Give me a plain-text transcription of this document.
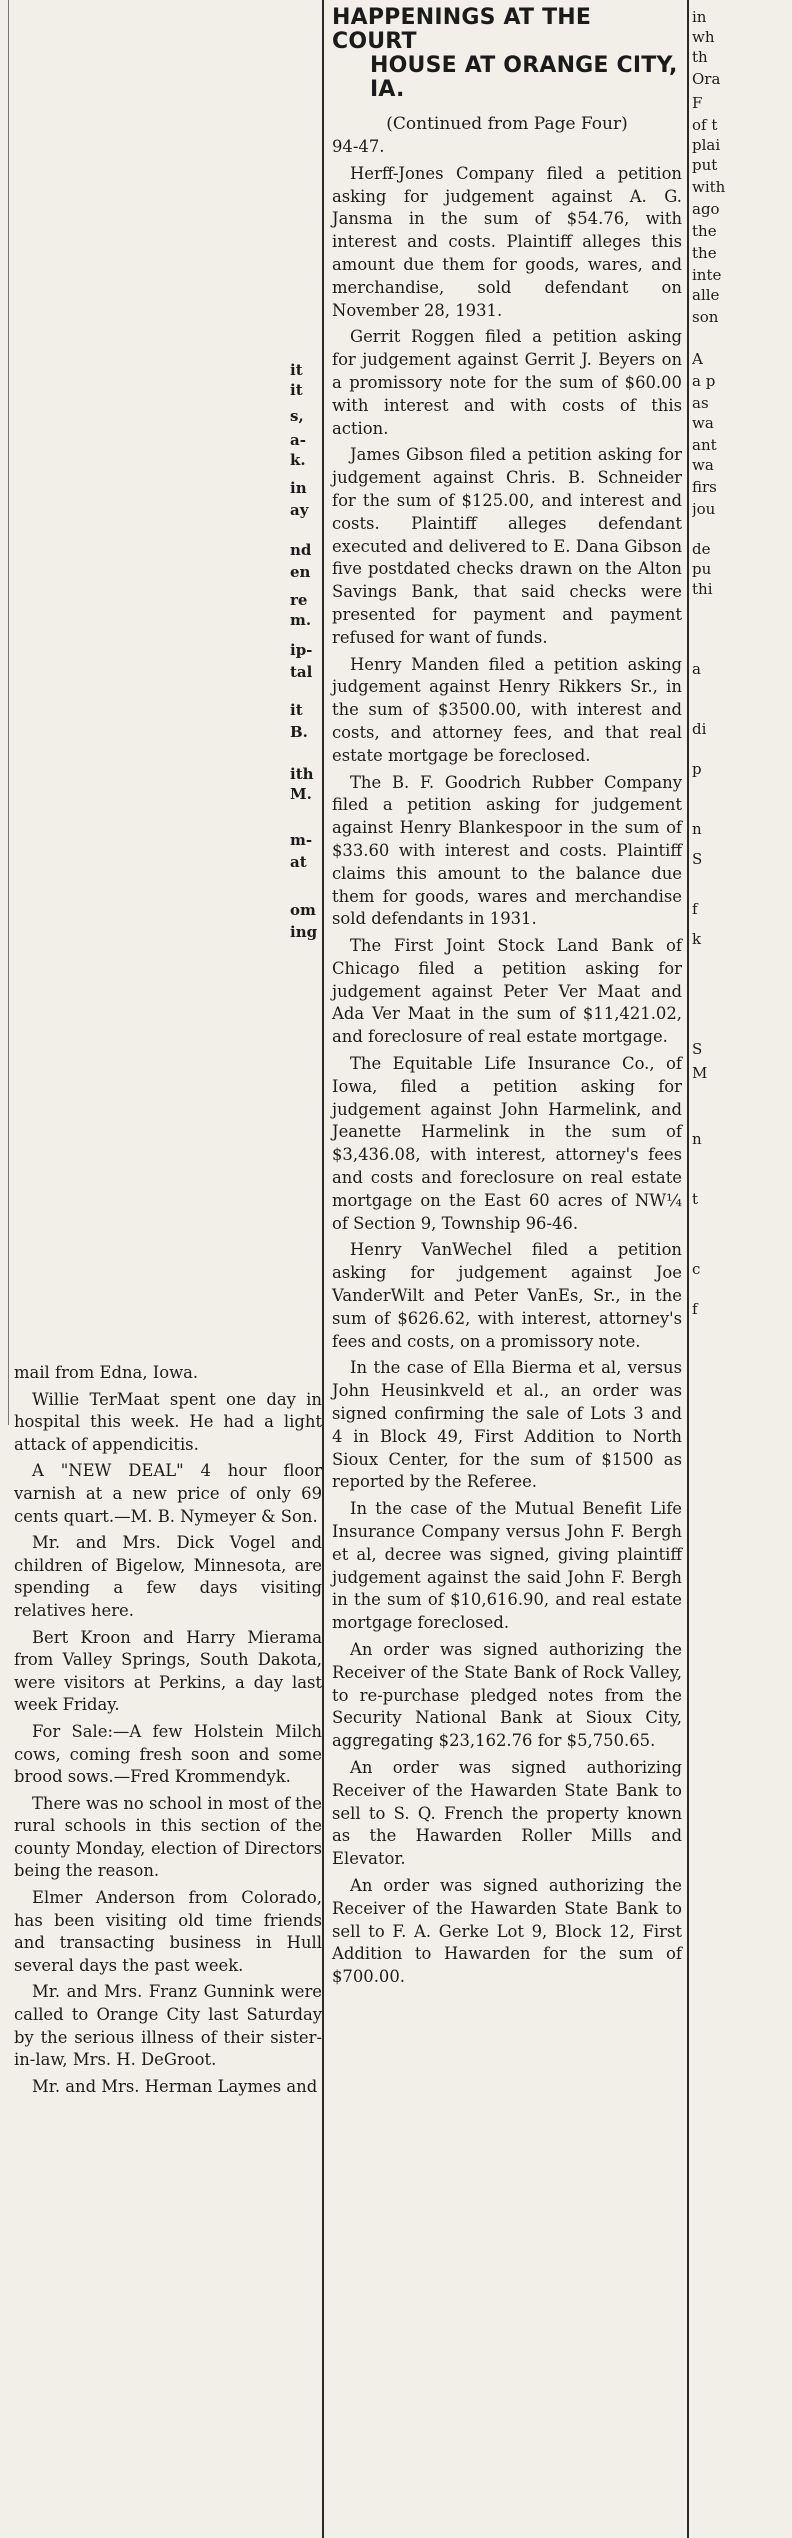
it
it
s,
a-
k.
in
ay
nd
en
re
m.
ip-
tal
it
B.
ith
M.
m-
at
om
ing
HAPPENINGS AT THE COURT
HOUSE AT ORANGE CITY, IA.
(Continued from Page Four)

94-47.

Herff-Jones Company filed a petition asking for judgement against A. G. Jansma in the sum of $54.76, with interest and costs. Plaintiff alleges this amount due them for goods, wares, and merchandise, sold defendant on November 28, 1931.

Gerrit Roggen filed a petition asking for judgement against Gerrit J. Beyers on a promissory note for the sum of $60.00 with interest and with costs of this action.

James Gibson filed a petition asking for judgement against Chris. B. Schneider for the sum of $125.00, and interest and costs. Plaintiff alleges defendant executed and delivered to E. Dana Gibson five postdated checks drawn on the Alton Savings Bank, that said checks were presented for payment and payment refused for want of funds.

Henry Manden filed a petition asking judgement against Henry Rikkers Sr., in the sum of $3500.00, with interest and costs, and attorney fees, and that real estate mortgage be foreclosed.

The B. F. Goodrich Rubber Company filed a petition asking for judgement against Henry Blankespoor in the sum of $33.60 with interest and costs. Plaintiff claims this amount to the balance due them for goods, wares and merchandise sold defendants in 1931.

The First Joint Stock Land Bank of Chicago filed a petition asking for judgement against Peter Ver Maat and Ada Ver Maat in the sum of $11,421.02, and foreclosure of real estate mortgage.

The Equitable Life Insurance Co., of Iowa, filed a petition asking for judgement against John Harmelink, and Jeanette Harmelink in the sum of $3,436.08, with interest, attorney's fees and costs and foreclosure on real estate mortgage on the East 60 acres of NW¼ of Section 9, Township 96-46.

Henry VanWechel filed a petition asking for judgement against Joe VanderWilt and Peter VanEs, Sr., in the sum of $626.62, with interest, attorney's fees and costs, on a promissory note.

In the case of Ella Bierma et al, versus John Heusinkveld et al., an order was signed confirming the sale of Lots 3 and 4 in Block 49, First Addition to North Sioux Center, for the sum of $1500 as reported by the Referee.

In the case of the Mutual Benefit Life Insurance Company versus John F. Bergh et al, decree was signed, giving plaintiff judgement against the said John F. Bergh in the sum of $10,616.90, and real estate mortgage foreclosed.

An order was signed authorizing the Receiver of the State Bank of Rock Valley, to re-purchase pledged notes from the Security National Bank at Sioux City, aggregating $23,162.76 for $5,750.65.

An order was signed authorizing Receiver of the Hawarden State Bank to sell to S. Q. French the property known as the Hawarden Roller Mills and Elevator.

An order was signed authorizing the Receiver of the Hawarden State Bank to sell to F. A. Gerke Lot 9, Block 12, First Addition to Hawarden for the sum of $700.00.

mail from Edna, Iowa.

Willie TerMaat spent one day in hospital this week. He had a light attack of appendicitis.

A "NEW DEAL" 4 hour floor varnish at a new price of only 69 cents quart.—M. B. Nymeyer & Son.

Mr. and Mrs. Dick Vogel and children of Bigelow, Minnesota, are spending a few days visiting relatives here.

Bert Kroon and Harry Mierama from Valley Springs, South Dakota, were visitors at Perkins, a day last week Friday.

For Sale:—A few Holstein Milch cows, coming fresh soon and some brood sows.—Fred Krommendyk.

There was no school in most of the rural schools in this section of the county Monday, election of Directors being the reason.

Elmer Anderson from Colorado, has been visiting old time friends and transacting business in Hull several days the past week.

Mr. and Mrs. Franz Gunnink were called to Orange City last Saturday by the serious illness of their sister-in-law, Mrs. H. DeGroot.

Mr. and Mrs. Herman Laymes and

in
wh
th
Ora
F
of t
plai
put
with
ago
the
the
inte
alle
son
A
a p
as
wa
ant
wa
firs
jou
de
pu
thi
a
di
p
n
S
f
k
S
M
n
t
c
f
